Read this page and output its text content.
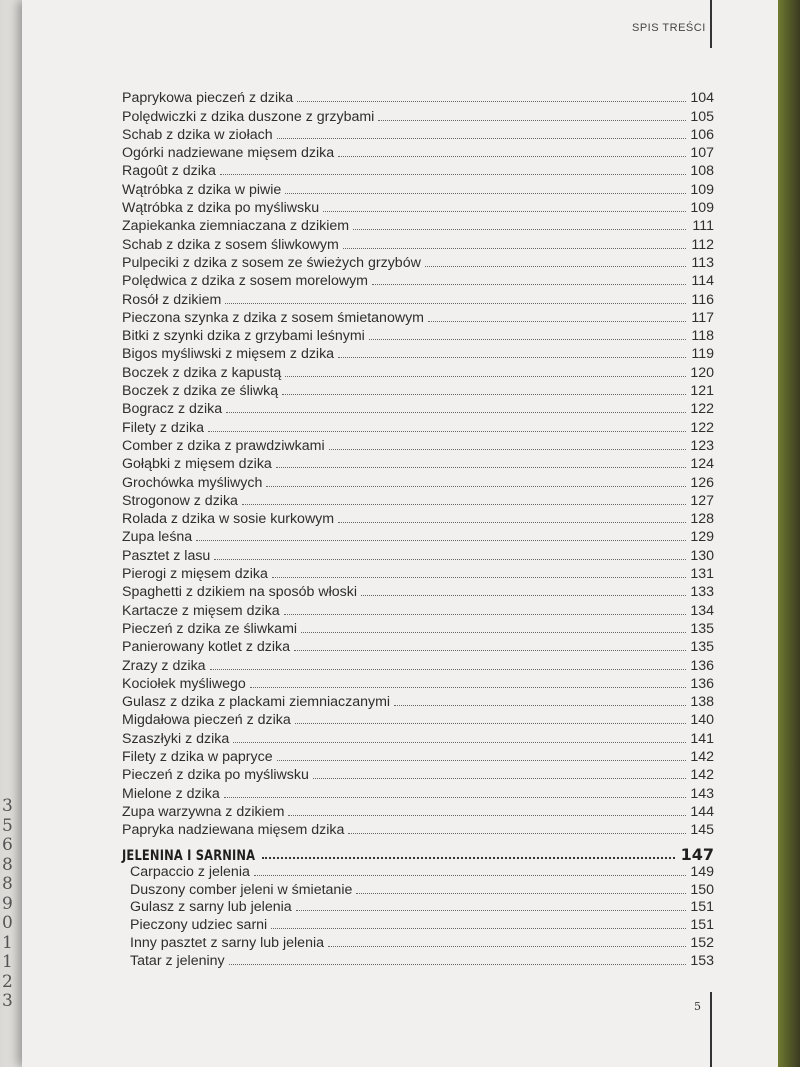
3
5
6
8
8
9
0
1
1
2
3
SPIS TREŚCI
Paprykowa pieczeń z dzika	104
Polędwiczki z dzika duszone z grzybami	105
Schab z dzika w ziołach	106
Ogórki nadziewane mięsem dzika	107
Ragoût z dzika	108
Wątróbka z dzika w piwie	109
Wątróbka z dzika po myśliwsku	109
Zapiekanka ziemniaczana z dzikiem	111
Schab z dzika z sosem śliwkowym	112
Pulpeciki z dzika z sosem ze świeżych grzybów	113
Polędwica z dzika z sosem morelowym	114
Rosół z dzikiem	116
Pieczona szynka z dzika z sosem śmietanowym	117
Bitki z szynki dzika z grzybami leśnymi	118
Bigos myśliwski z mięsem z dzika	119
Boczek z dzika z kapustą	120
Boczek z dzika ze śliwką	121
Bogracz z dzika	122
Filety z dzika	122
Comber z dzika z prawdziwkami	123
Gołąbki z mięsem dzika	124
Grochówka myśliwych	126
Strogonow z dzika	127
Rolada z dzika w sosie kurkowym	128
Zupa leśna	129
Pasztet z lasu	130
Pierogi z mięsem dzika	131
Spaghetti z dzikiem na sposób włoski	133
Kartacze z mięsem dzika	134
Pieczeń z dzika ze śliwkami	135
Panierowany kotlet z dzika	135
Zrazy z dzika	136
Kociołek myśliwego	136
Gulasz z dzika z plackami ziemniaczanymi	138
Migdałowa pieczeń z dzika	140
Szaszłyki z dzika	141
Filety z dzika w papryce	142
Pieczeń z dzika po myśliwsku	142
Mielone z dzika	143
Zupa warzywna z dzikiem	144
Papryka nadziewana mięsem dzika	145
JELENINA I SARNINA	147
Carpaccio z jelenia	149
Duszony comber jeleni w śmietanie	150
Gulasz z sarny lub jelenia	151
Pieczony udziec sarni	151
Inny pasztet z sarny lub jelenia	152
Tatar z jeleniny	153
5
